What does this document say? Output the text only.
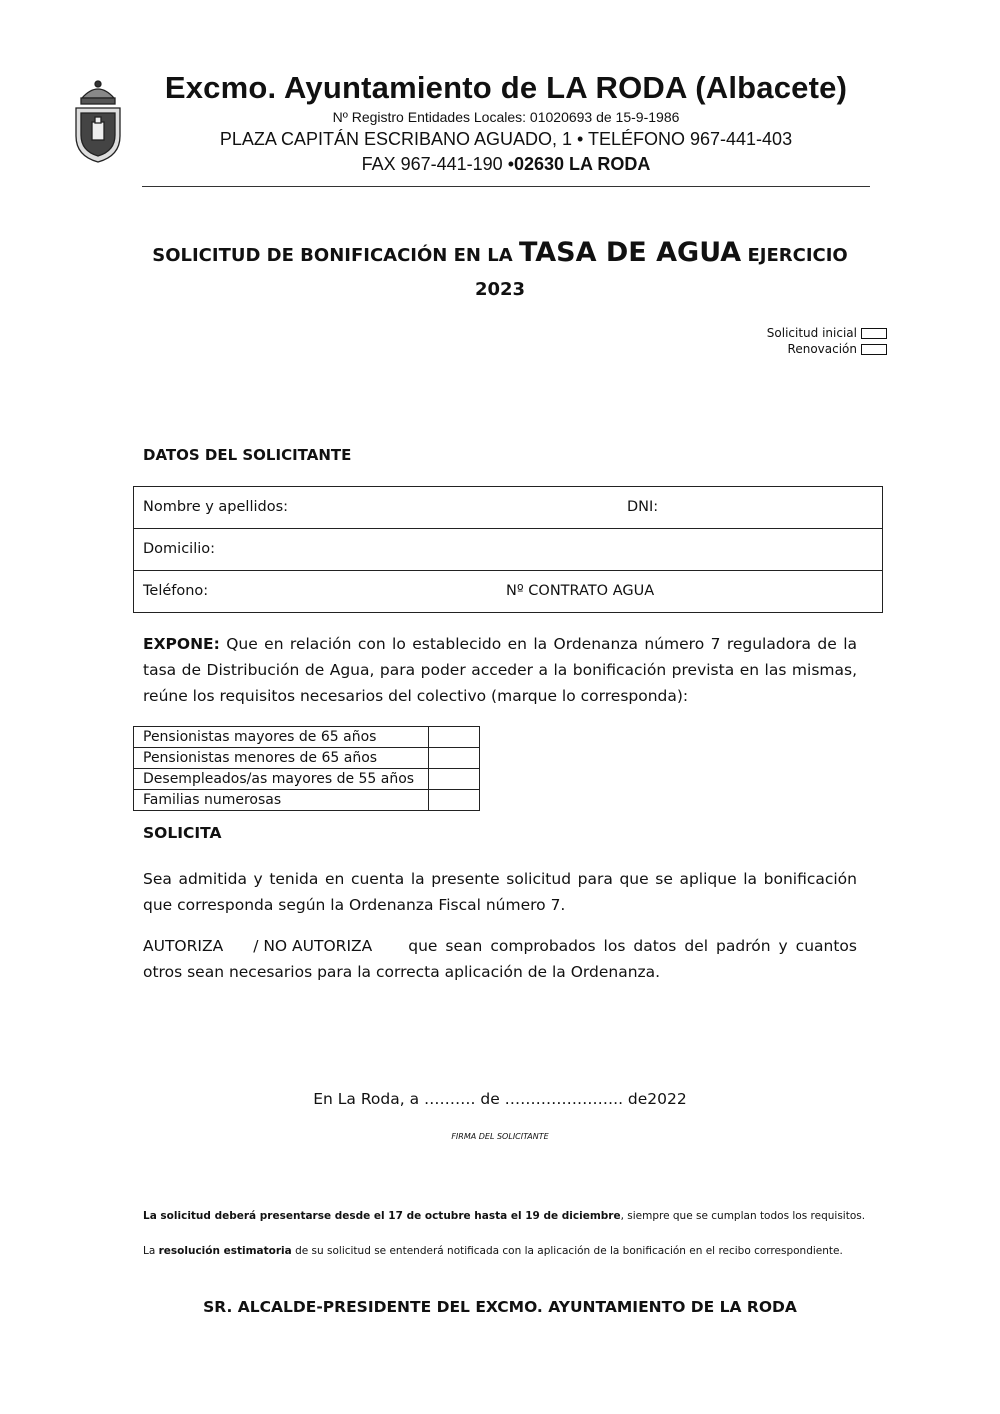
Excmo. Ayuntamiento de LA RODA (Albacete)
Nº Registro Entidades Locales: 01020693 de 15-9-1986
PLAZA CAPITÁN ESCRIBANO AGUADO, 1 • TELÉFONO 967-441-403
FAX 967-441-190 •02630 LA RODA
SOLICITUD DE BONIFICACIÓN EN LA TASA DE AGUA EJERCICIO
2023
Solicitud inicial
Renovación
DATOS DEL SOLICITANTE
Nombre y apellidos:	DNI:
Domicilio:
Teléfono:	Nº CONTRATO AGUA
EXPONE: Que en relación con lo establecido en la Ordenanza número 7 reguladora de la tasa de Distribución de Agua, para poder acceder a la bonificación prevista en las mismas, reúne los requisitos necesarios del colectivo (marque lo corresponda):
Pensionistas mayores de 65 años	
Pensionistas menores de 65 años	
Desempleados/as mayores de 55 años	
Familias numerosas	
SOLICITA
Sea admitida y tenida en cuenta la presente solicitud para que se aplique la bonificación que corresponda según la Ordenanza Fiscal número 7.
AUTORIZA / NO AUTORIZA que sean comprobados los datos del padrón y cuantos otros sean necesarios para la correcta aplicación de la Ordenanza.
En La Roda, a ………. de ………………….. de2022
FIRMA DEL SOLICITANTE
La solicitud deberá presentarse desde el 17 de octubre hasta el 19 de diciembre, siempre que se cumplan todos los requisitos.
La resolución estimatoria de su solicitud se entenderá notificada con la aplicación de la bonificación en el recibo correspondiente.
SR. ALCALDE-PRESIDENTE DEL EXCMO. AYUNTAMIENTO DE LA RODA
